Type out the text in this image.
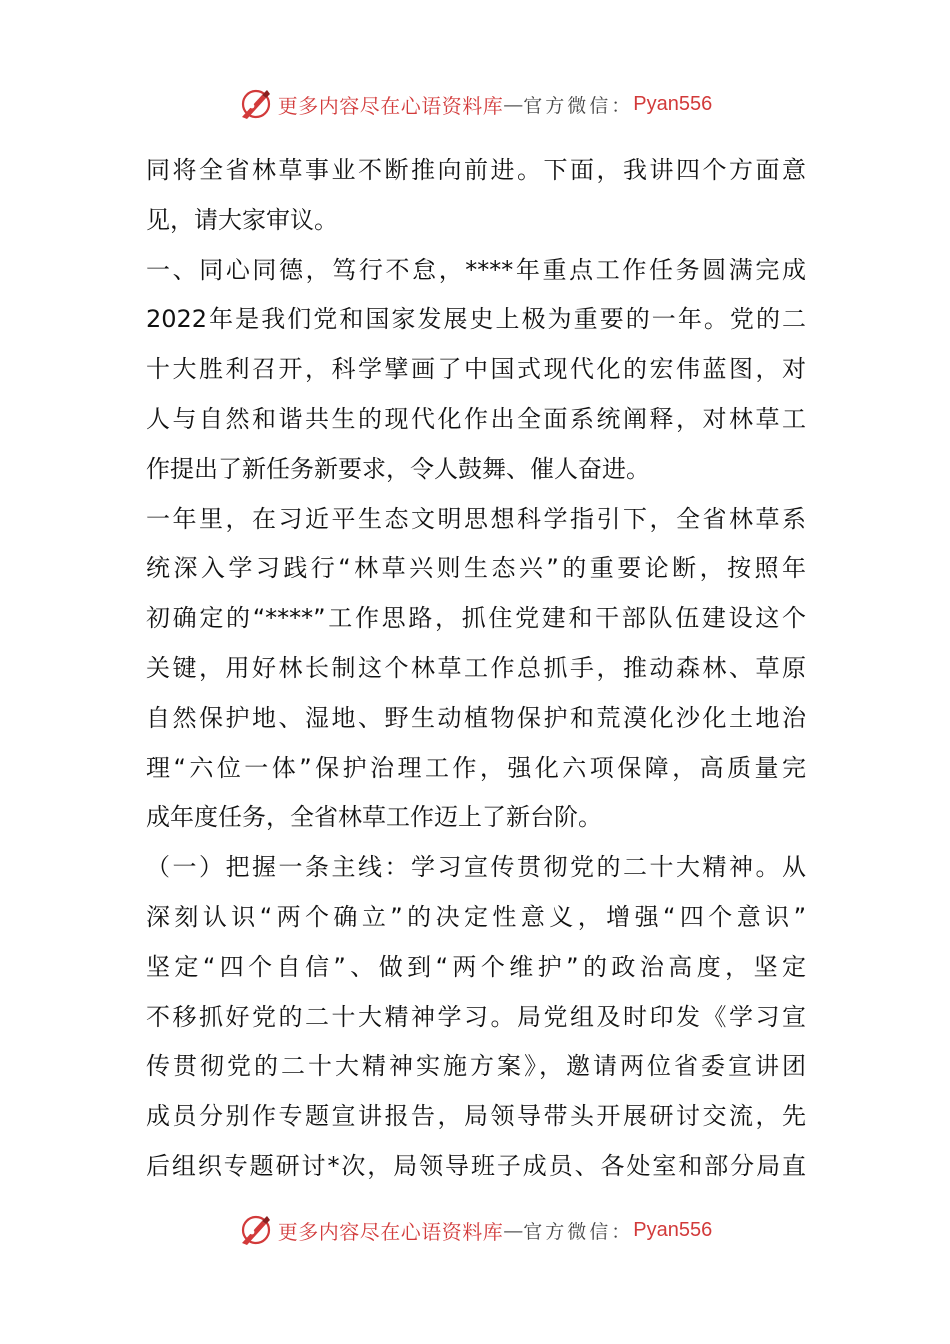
更多内容尽在心语资料库 — 官方微信： Pyan556
同将全省林草事业不断推向前进。下面，我讲四个方面意
见，请大家审议。
一、同心同德，笃行不怠，****年重点工作任务圆满完成
2022年是我们党和国家发展史上极为重要的一年。党的二
十大胜利召开，科学擘画了中国式现代化的宏伟蓝图，对
人与自然和谐共生的现代化作出全面系统阐释，对林草工
作提出了新任务新要求，令人鼓舞、催人奋进。
一年里，在习近平生态文明思想科学指引下，全省林草系
统深入学习践行“林草兴则生态兴”的重要论断，按照年
初确定的“****”工作思路，抓住党建和干部队伍建设这个
关键，用好林长制这个林草工作总抓手，推动森林、草原
自然保护地、湿地、野生动植物保护和荒漠化沙化土地治
理“六位一体”保护治理工作，强化六项保障，高质量完
成年度任务，全省林草工作迈上了新台阶。
（一）把握一条主线：学习宣传贯彻党的二十大精神。从
深刻认识“两个确立”的决定性意义，增强“四个意识”
坚定“四个自信”、做到“两个维护”的政治高度，坚定
不移抓好党的二十大精神学习。局党组及时印发《学习宣
传贯彻党的二十大精神实施方案》，邀请两位省委宣讲团
成员分别作专题宣讲报告，局领导带头开展研讨交流，先
后组织专题研讨*次，局领导班子成员、各处室和部分局直
更多内容尽在心语资料库 — 官方微信： Pyan556
